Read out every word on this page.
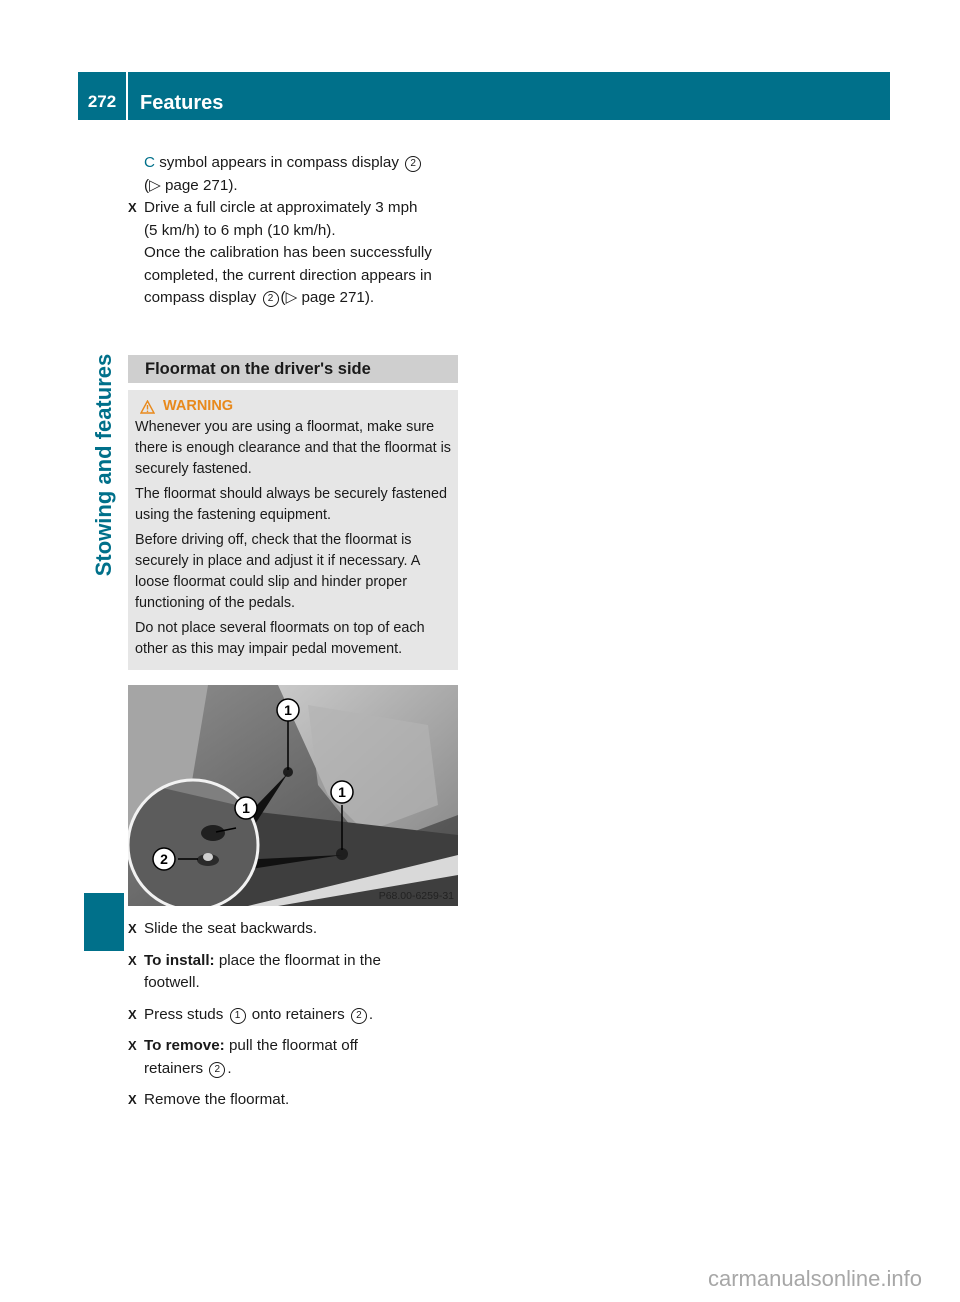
272	Features
Stowing and features

C symbol appears in compass display 2

(▷ page 271).

X Drive a full circle at approximately 3 mph

(5 km/h) to 6 mph (10 km/h).

Once the calibration has been successfully

completed, the current direction appears in

compass display 2 (▷ page 271).

Floormat on the driver's side
WARNING

Whenever you are using a floormat, make sure there is enough clearance and that the floormat is securely fastened.

The floormat should always be securely fastened using the fastening equipment.

Before driving off, check that the floormat is securely in place and adjust it if necessary. A loose floormat could slip and hinder proper functioning of the pedals.

Do not place several floormats on top of each other as this may impair pedal movement.

1
1
1
2
P68.00-6259-31
X Slide the seat backwards.

X To install: place the floormat in the

footwell.

X Press studs 1 onto retainers 2 .

X To remove: pull the floormat off

retainers 2 .

X Remove the floormat.

carmanualsonline.info
